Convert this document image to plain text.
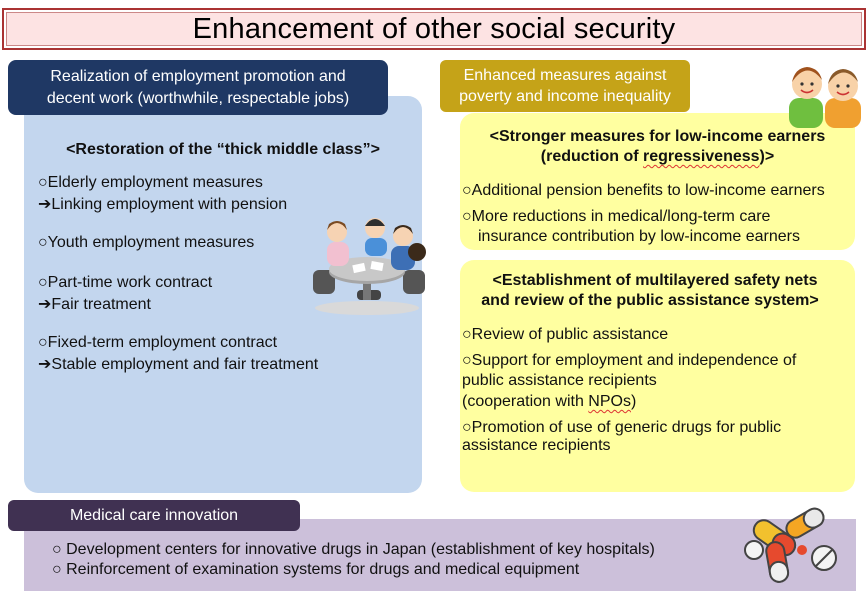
Enhancement of other social security
Realization of employment promotion and
decent work (worthwhile, respectable jobs)
<Restoration of the “thick middle class”>
○Elderly employment measures
➔Linking employment with pension
○Youth employment measures
○Part-time work contract
➔Fair treatment
○Fixed-term employment contract
➔Stable employment and fair treatment
Enhanced measures against
poverty and income inequality
<Stronger measures for low-income earners
(reduction of regressiveness)>
○Additional pension benefits to low-income earners
○More reductions in medical/long-term care
insurance contribution by low-income earners
<Establishment of multilayered safety nets
and review of the public assistance system>
○Review of public assistance
○Support for employment and independence of
public assistance recipients
(cooperation with NPOs)
○Promotion of use of generic drugs for public
assistance recipients
Medical care innovation
○ Development centers for innovative drugs in Japan (establishment of key hospitals)
○ Reinforcement of examination systems for drugs and medical equipment
